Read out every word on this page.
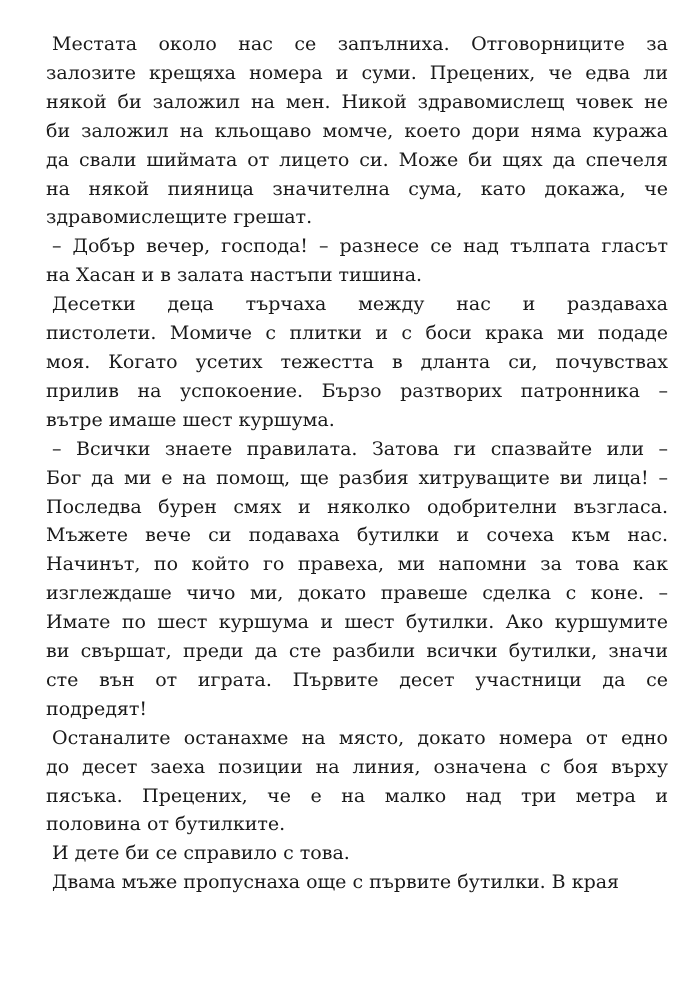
Местата около нас се запълниха. Отговорниците за
залозите крещяха номера и суми. Прецених, че едва ли
някой би заложил на мен. Никой здравомислещ човек не
би заложил на кльощаво момче, което дори няма куража
да свали шиймата от лицето си. Може би щях да спечеля
на някой пияница значителна сума, като докажа, че
здравомислещите грешат.
– Добър вечер, господа! – разнесе се над тълпата гласът
на Хасан и в залата настъпи тишина.
Десетки деца търчаха между нас и раздаваха
пистолети. Момиче с плитки и с боси крака ми подаде
моя. Когато усетих тежестта в дланта си, почувствах
прилив на успокоение. Бързо разтворих патронника –
вътре имаше шест куршума.
– Всички знаете правилата. Затова ги спазвайте или –
Бог да ми е на помощ, ще разбия хитруващите ви лица! –
Последва бурен смях и няколко одобрителни възгласа.
Мъжете вече си подаваха бутилки и сочеха към нас.
Начинът, по който го правеха, ми напомни за това как
изглеждаше чичо ми, докато правеше сделка с коне. –
Имате по шест куршума и шест бутилки. Ако куршумите
ви свършат, преди да сте разбили всички бутилки, значи
сте вън от играта. Първите десет участници да се
подредят!
Останалите останахме на място, докато номера от едно
до десет заеха позиции на линия, означена с боя върху
пясъка. Прецених, че е на малко над три метра и
половина от бутилките.
И дете би се справило с това.
Двама мъже пропуснаха още с първите бутилки. В края
